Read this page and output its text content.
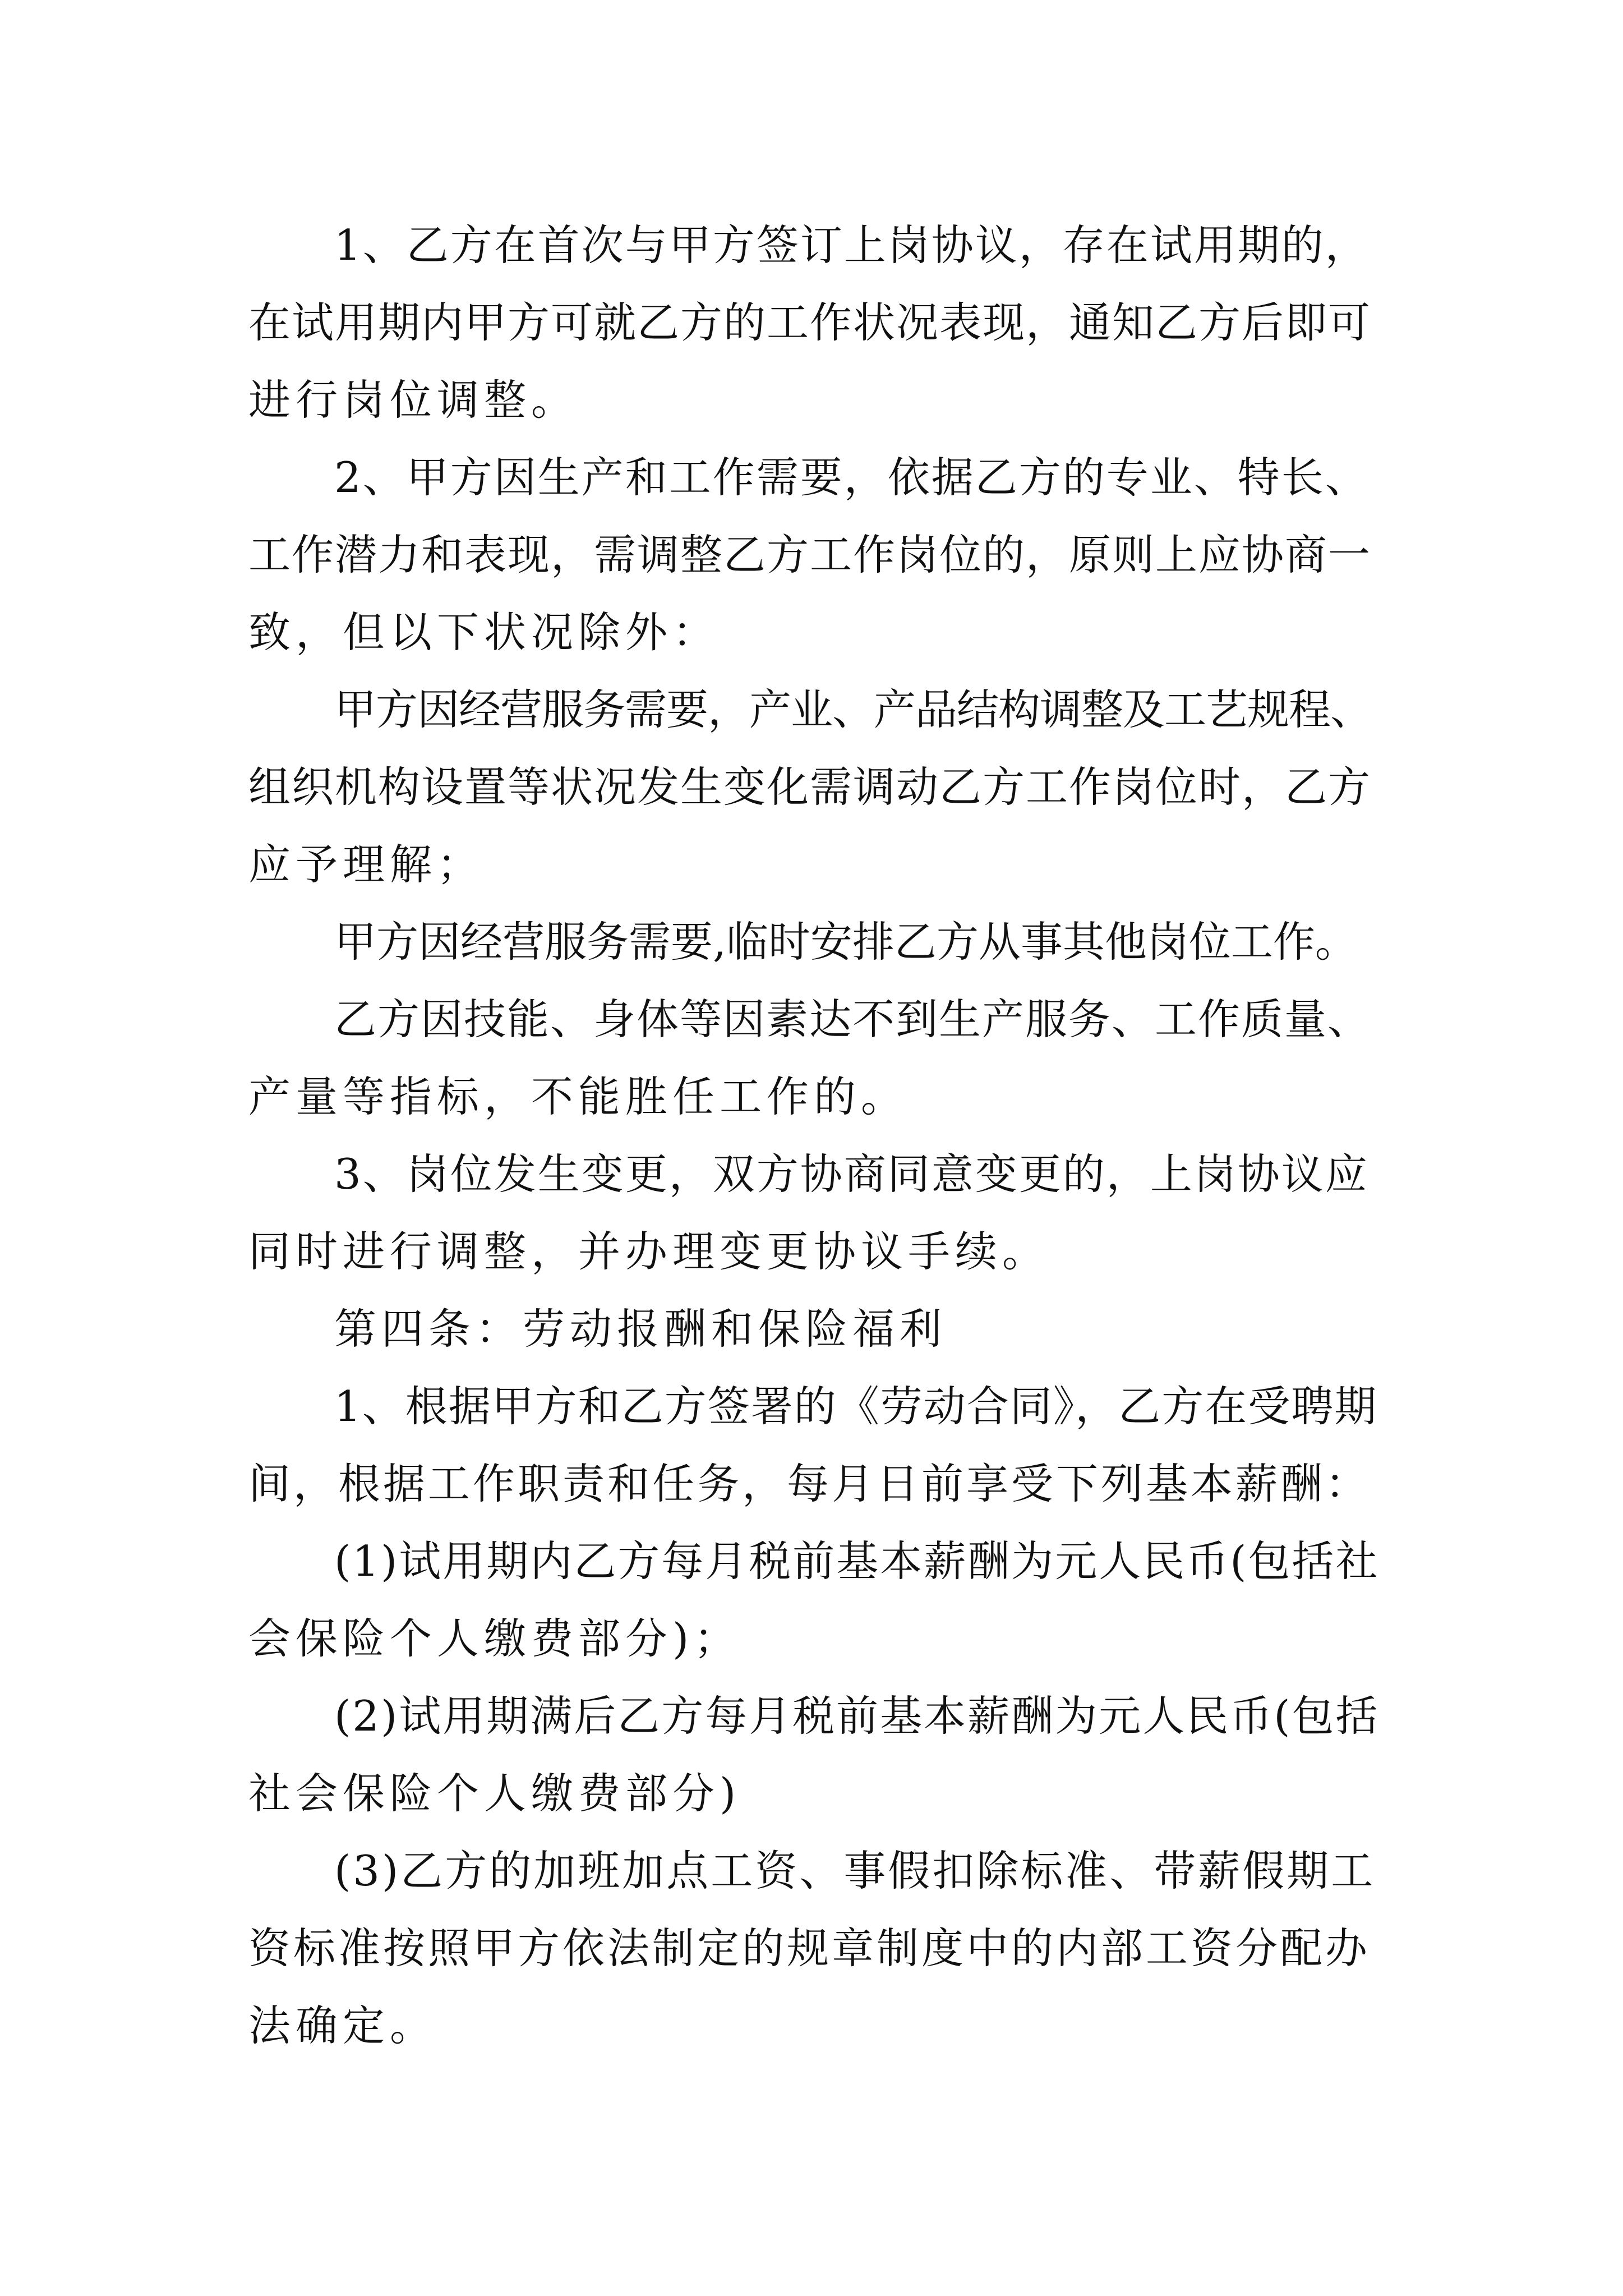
1、乙方在首次与甲方签订上岗协议，存在试用期的，
在试用期内甲方可就乙方的工作状况表现，通知乙方后即可
进行岗位调整。
2、甲方因生产和工作需要，依据乙方的专业、特长、
工作潜力和表现，需调整乙方工作岗位的，原则上应协商一
致，但以下状况除外：
甲方因经营服务需要，产业、产品结构调整及工艺规程、
组织机构设置等状况发生变化需调动乙方工作岗位时，乙方
应予理解；
甲方因经营服务需要,临时安排乙方从事其他岗位工作。
乙方因技能、身体等因素达不到生产服务、工作质量、
产量等指标，不能胜任工作的。
3、岗位发生变更，双方协商同意变更的，上岗协议应
同时进行调整，并办理变更协议手续。
第四条：劳动报酬和保险福利
1、根据甲方和乙方签署的《劳动合同》，乙方在受聘期
间，根据工作职责和任务，每月日前享受下列基本薪酬：
(1)试用期内乙方每月税前基本薪酬为元人民币(包括社
会保险个人缴费部分)；
(2)试用期满后乙方每月税前基本薪酬为元人民币(包括
社会保险个人缴费部分)
(3)乙方的加班加点工资、事假扣除标准、带薪假期工
资标准按照甲方依法制定的规章制度中的内部工资分配办
法确定。
